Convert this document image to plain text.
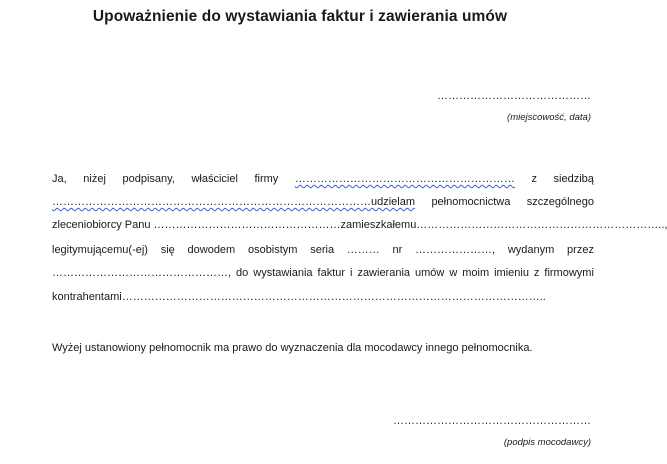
Upoważnienie do wystawiania faktur i zawierania umów

……………………………………

(miejscowość, data)

Ja, niżej podpisany, właściciel firmy …………………………………………………… z siedzibą

……………………………………………………………………………udzielam pełnomocnictwa szczególnego

zleceniobiorcy Panu ……………………………………………zamieszkałemu…………………………………………………………..,

legitymującemu(-ej) się dowodem osobistym seria ……… nr …………………, wydanym przez

…………………………………………, do wystawiania faktur i zawierania umów w moim imieniu z firmowymi

kontrahentami……………………………………………………………………………………………………..

Wyżej ustanowiony pełnomocnik ma prawo do wyznaczenia dla mocodawcy innego pełnomocnika.

………………………………………………

(podpis mocodawcy)
